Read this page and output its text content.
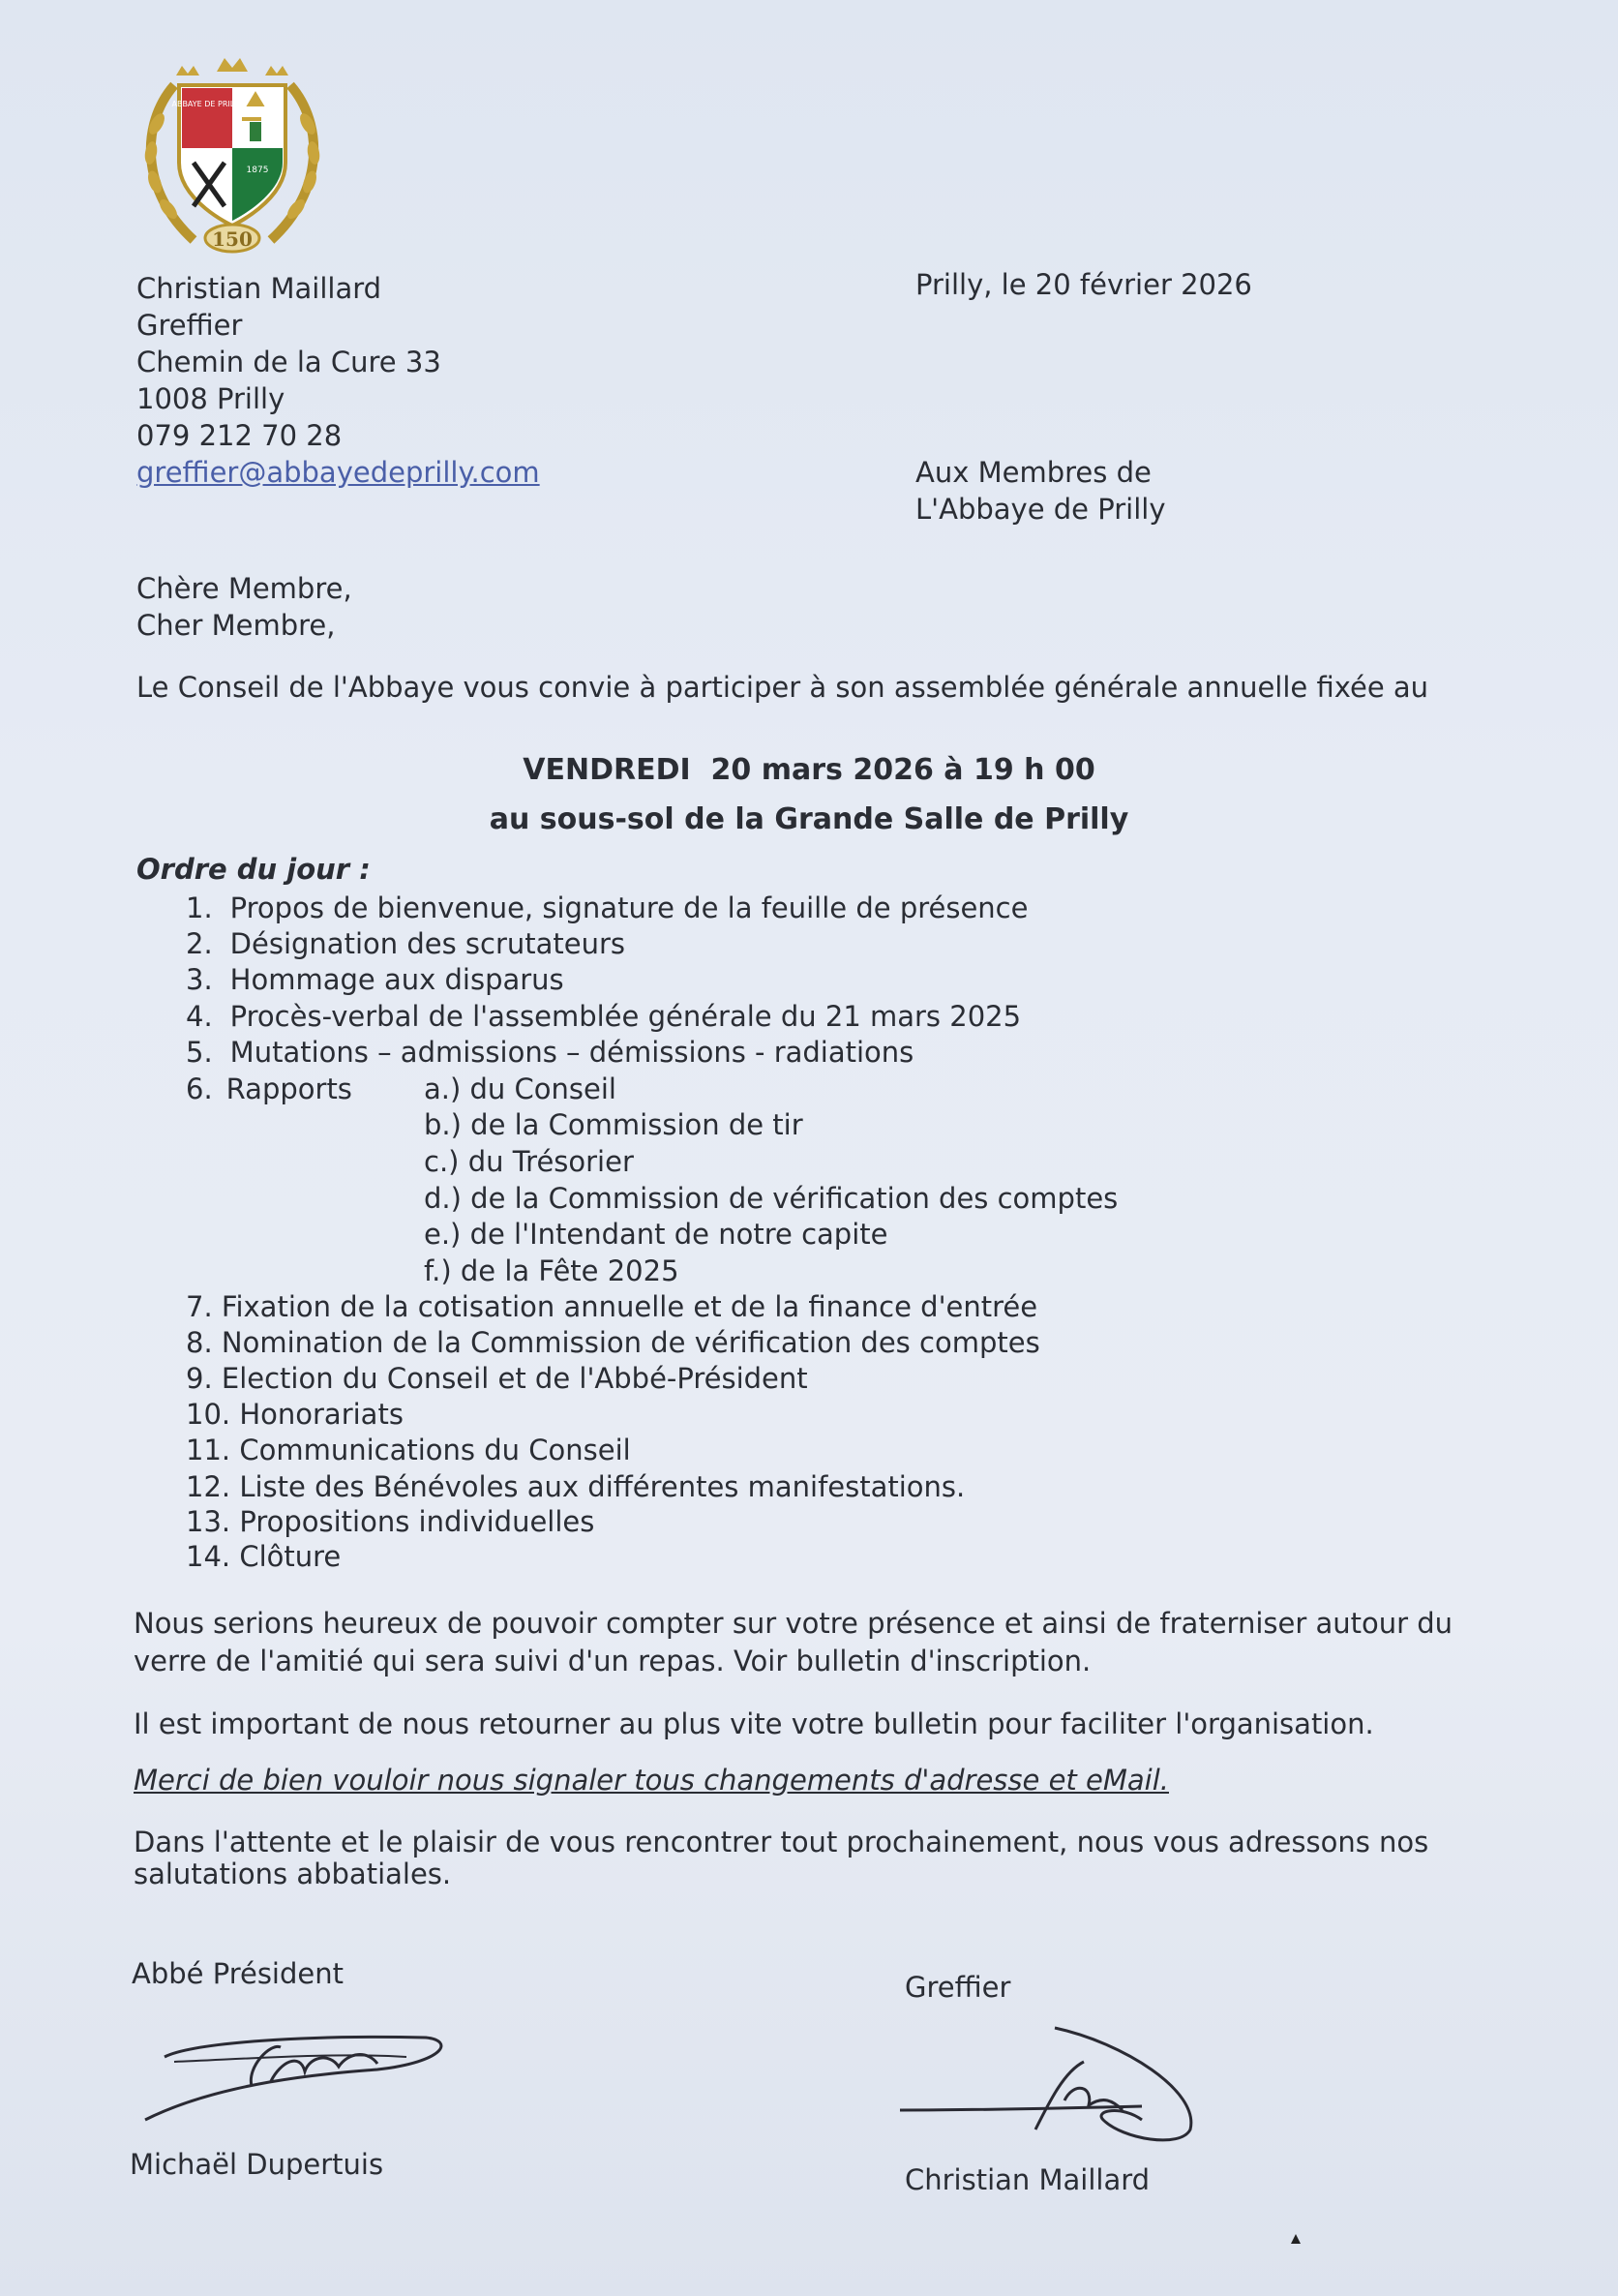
ABBAYE DE PRILLY
1875
150
Christian Maillard
Greffier
Chemin de la Cure 33
1008 Prilly
079 212 70 28
greffier@abbayedeprilly.com
Prilly, le 20 février 2026
Aux Membres de
L'Abbaye de Prilly
Chère Membre,
Cher Membre,
Le Conseil de l'Abbaye vous convie à participer à son assemblée générale annuelle fixée au
VENDREDI  20 mars 2026 à 19 h 00
au sous-sol de la Grande Salle de Prilly
Ordre du jour :
1. Propos de bienvenue, signature de la feuille de présence
2. Désignation des scrutateurs
3. Hommage aux disparus
4. Procès-verbal de l'assemblée générale du 21 mars 2025
5. Mutations – admissions – démissions - radiations
6. Rapports	a.) du Conseil
b.) de la Commission de tir
c.) du Trésorier
d.) de la Commission de vérification des comptes
e.) de l'Intendant de notre capite
f.) de la Fête 2025
7. Fixation de la cotisation annuelle et de la finance d'entrée
8. Nomination de la Commission de vérification des comptes
9. Election du Conseil et de l'Abbé-Président
10. Honorariats
11. Communications du Conseil
12. Liste des Bénévoles aux différentes manifestations.
13. Propositions individuelles
14. Clôture
Nous serions heureux de pouvoir compter sur votre présence et ainsi de fraterniser autour du
verre de l'amitié qui sera suivi d'un repas. Voir bulletin d'inscription.
Il est important de nous retourner au plus vite votre bulletin pour faciliter l'organisation.
Merci de bien vouloir nous signaler tous changements d'adresse et eMail.
Dans l'attente et le plaisir de vous rencontrer tout prochainement, nous vous adressons nos
salutations abbatiales.
Abbé Président
Michaël Dupertuis
Greffier
Christian Maillard
